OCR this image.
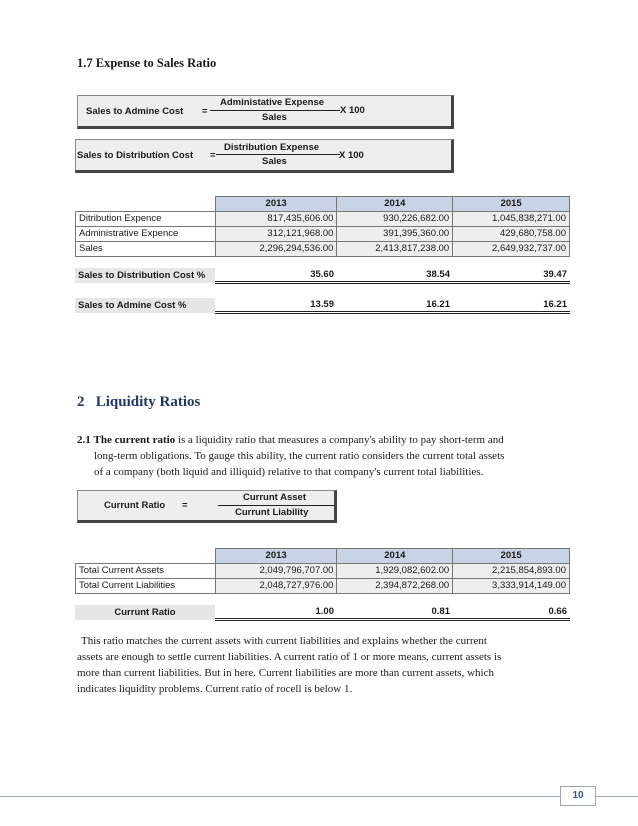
1.7 Expense to Sales Ratio
Sales to Admine Cost =
Administative Expense
Sales
X 100
Sales to Distribution Cost =
Distribution Expense
Sales
X 100
	2013	2014	2015
Ditribution Expence	817,435,606.00	930,226,682.00	1,045,838,271.00
Administrative Expence	312,121,968.00	391,395,360.00	429,680,758.00
Sales	2,296,294,536.00	2,413,817,238.00	2,649,932,737.00
Sales to Distribution Cost %	35.60	38.54	39.47
Sales to Admine Cost %	13.59	16.21	16.21
2   Liquidity Ratios
2.1 The current ratio is a liquidity ratio that measures a company's ability to pay short-term and
long-term obligations. To gauge this ability, the current ratio considers the current total assets
of a company (both liquid and illiquid) relative to that company's current total liabilities.
Currunt Ratio =
Currunt Asset
Currunt Liability
	2013	2014	2015
Total Current Assets	2,049,796,707.00	1,929,082,602.00	2,215,854,893.00
Total Current Liabilities	2,048,727,976.00	2,394,872,268.00	3,333,914,149.00
Currunt Ratio	1.00	0.81	0.66
This ratio matches the current assets with current liabilities and explains whether the current
assets are enough to settle current liabilities. A current ratio of 1 or more means, current assets is
more than current liabilities. But in here. Current liabilities are more than current assets, which
indicates liquidity problems. Current ratio of rocell is below 1.
10
